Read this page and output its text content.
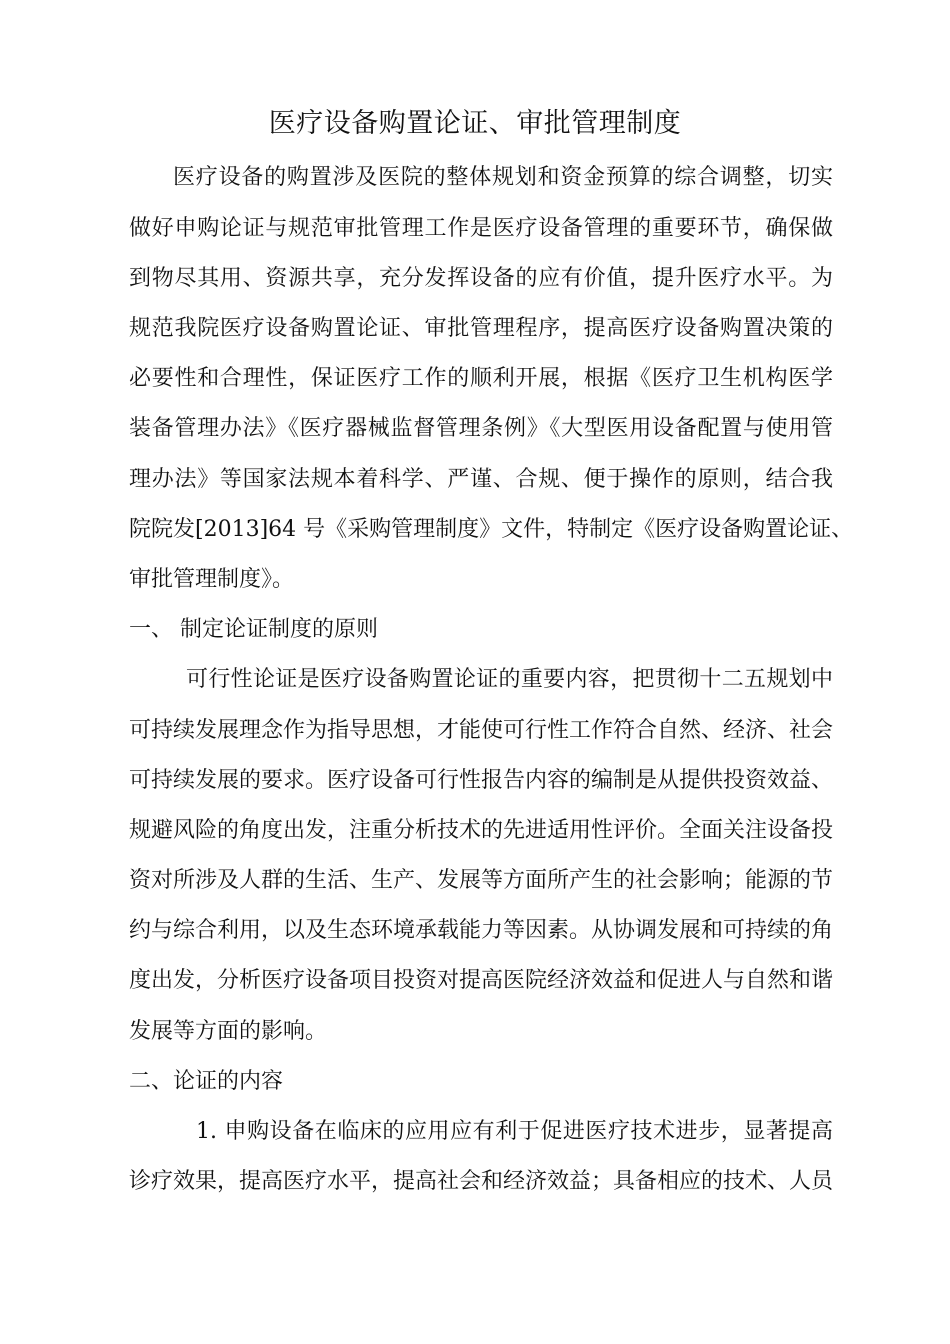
医疗设备购置论证、审批管理制度
医疗设备的购置涉及医院的整体规划和资金预算的综合调整，切实
做好申购论证与规范审批管理工作是医疗设备管理的重要环节，确保做
到物尽其用、资源共享，充分发挥设备的应有价值，提升医疗水平。为
规范我院医疗设备购置论证、审批管理程序，提高医疗设备购置决策的
必要性和合理性，保证医疗工作的顺利开展，根据《医疗卫生机构医学
装备管理办法》《医疗器械监督管理条例》《大型医用设备配置与使用管
理办法》等国家法规本着科学、严谨、合规、便于操作的原则，结合我
院院发[2013]64 号《采购管理制度》文件，特制定《医疗设备购置论证、
审批管理制度》。
一、 制定论证制度的原则
可行性论证是医疗设备购置论证的重要内容，把贯彻十二五规划中
可持续发展理念作为指导思想，才能使可行性工作符合自然、经济、社会
可持续发展的要求。医疗设备可行性报告内容的编制是从提供投资效益、
规避风险的角度出发，注重分析技术的先进适用性评价。全面关注设备投
资对所涉及人群的生活、生产、发展等方面所产生的社会影响；能源的节
约与综合利用，以及生态环境承载能力等因素。从协调发展和可持续的角
度出发，分析医疗设备项目投资对提高医院经济效益和促进人与自然和谐
发展等方面的影响。
二、论证的内容
1. 申购设备在临床的应用应有利于促进医疗技术进步，显著提高
诊疗效果，提高医疗水平，提高社会和经济效益；具备相应的技术、人员
